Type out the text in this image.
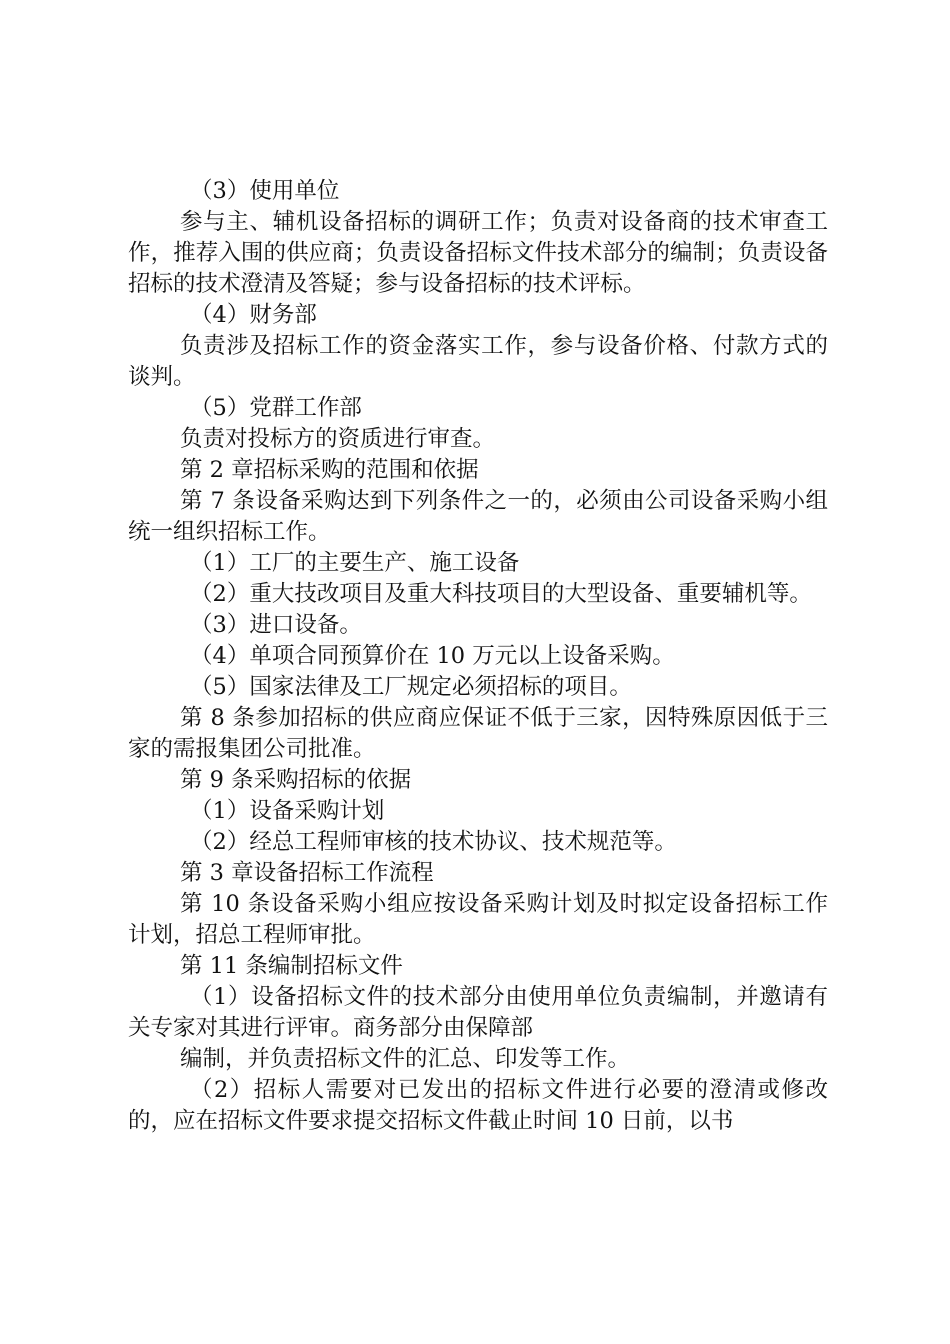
（3）使用单位

参与主、辅机设备招标的调研工作；负责对设备商的技术审查工作，推荐入围的供应商；负责设备招标文件技术部分的编制；负责设备招标的技术澄清及答疑；参与设备招标的技术评标。

（4）财务部

负责涉及招标工作的资金落实工作，参与设备价格、付款方式的谈判。

（5）党群工作部

负责对投标方的资质进行审查。

第 2 章招标采购的范围和依据

第 7 条设备采购达到下列条件之一的，必须由公司设备采购小组统一组织招标工作。

（1）工厂的主要生产、施工设备

（2）重大技改项目及重大科技项目的大型设备、重要辅机等。

（3）进口设备。

（4）单项合同预算价在 10 万元以上设备采购。

（5）国家法律及工厂规定必须招标的项目。

第 8 条参加招标的供应商应保证不低于三家，因特殊原因低于三家的需报集团公司批准。

第 9 条采购招标的依据

（1）设备采购计划

（2）经总工程师审核的技术协议、技术规范等。

第 3 章设备招标工作流程

第 10 条设备采购小组应按设备采购计划及时拟定设备招标工作计划，招总工程师审批。

第 11 条编制招标文件

（1）设备招标文件的技术部分由使用单位负责编制，并邀请有关专家对其进行评审。商务部分由保障部

编制，并负责招标文件的汇总、印发等工作。

（2）招标人需要对已发出的招标文件进行必要的澄清或修改的，应在招标文件要求提交招标文件截止时间 10 日前，以书
